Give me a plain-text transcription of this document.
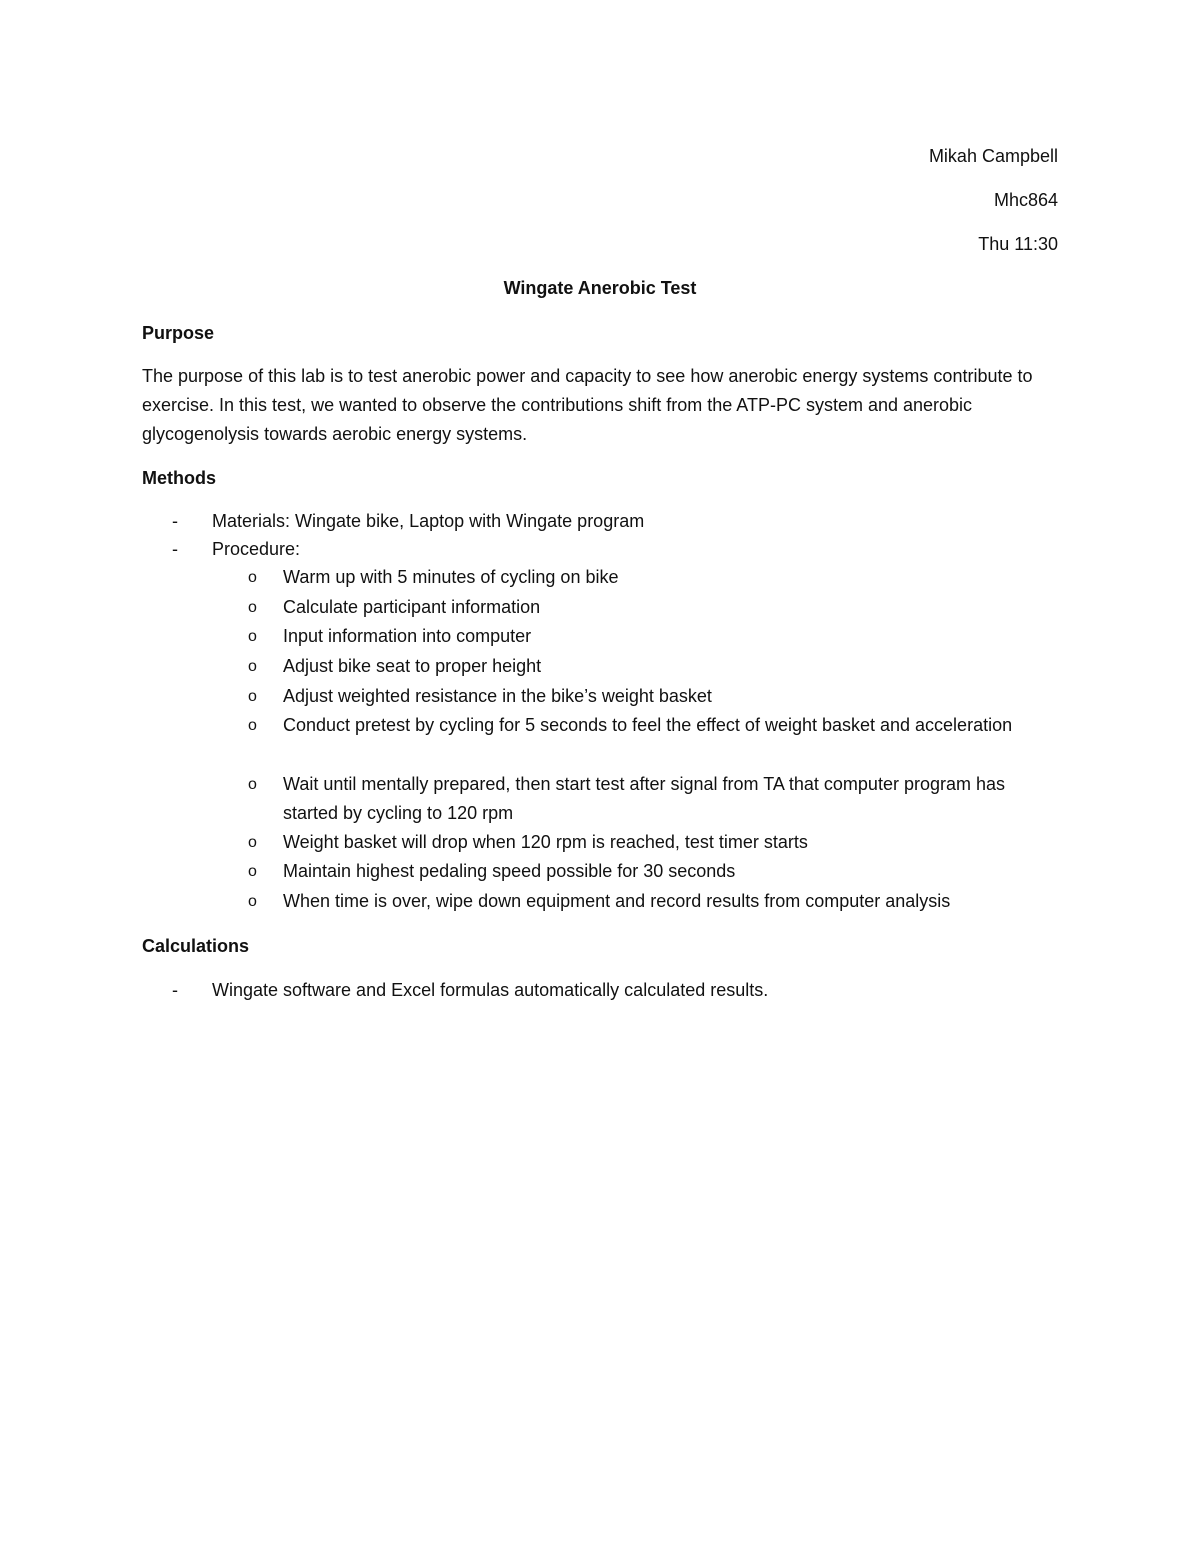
Mikah Campbell
Mhc864
Thu 11:30
Wingate Anerobic Test
Purpose

The purpose of this lab is to test anerobic power and capacity to see how anerobic energy systems contribute to exercise. In this test, we wanted to observe the contributions shift from the ATP-PC system and anerobic glycogenolysis towards aerobic energy systems.

Methods
- Materials: Wingate bike, Laptop with Wingate program
- Procedure:
o Warm up with 5 minutes of cycling on bike
o Calculate participant information
o Input information into computer
o Adjust bike seat to proper height
o Adjust weighted resistance in the bike’s weight basket
o Conduct pretest by cycling for 5 seconds to feel the effect of weight basket and acceleration
o Wait until mentally prepared, then start test after signal from TA that computer program has started by cycling to 120 rpm
o Weight basket will drop when 120 rpm is reached, test timer starts
o Maintain highest pedaling speed possible for 30 seconds
o When time is over, wipe down equipment and record results from computer analysis
Calculations
- Wingate software and Excel formulas automatically calculated results.
